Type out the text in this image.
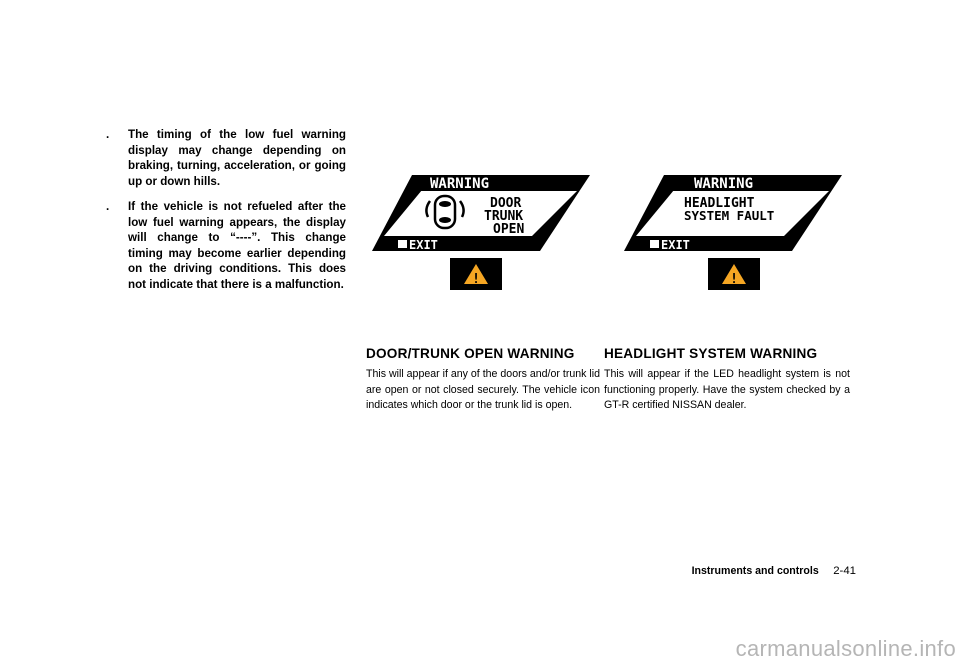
. The timing of the low fuel warning display may change depending on braking, turning, acceleration, or going up or down hills.
. If the vehicle is not refueled after the low fuel warning appears, the display will change to “----”. This change timing may become earlier depending on the driving conditions. This does not indicate that there is a malfunction.
WARNING
DOOR
TRUNK
OPEN
EXIT
!
WARNING
HEADLIGHT
SYSTEM FAULT
EXIT
!
DOOR/TRUNK OPEN WARNING

This will appear if any of the doors and/or trunk lid are open or not closed securely. The vehicle icon indicates which door or the trunk lid is open.

HEADLIGHT SYSTEM WARNING

This will appear if the LED headlight system is not functioning properly. Have the system checked by a GT-R certified NISSAN dealer.

Instruments and controls 2-41
carmanualsonline.info
